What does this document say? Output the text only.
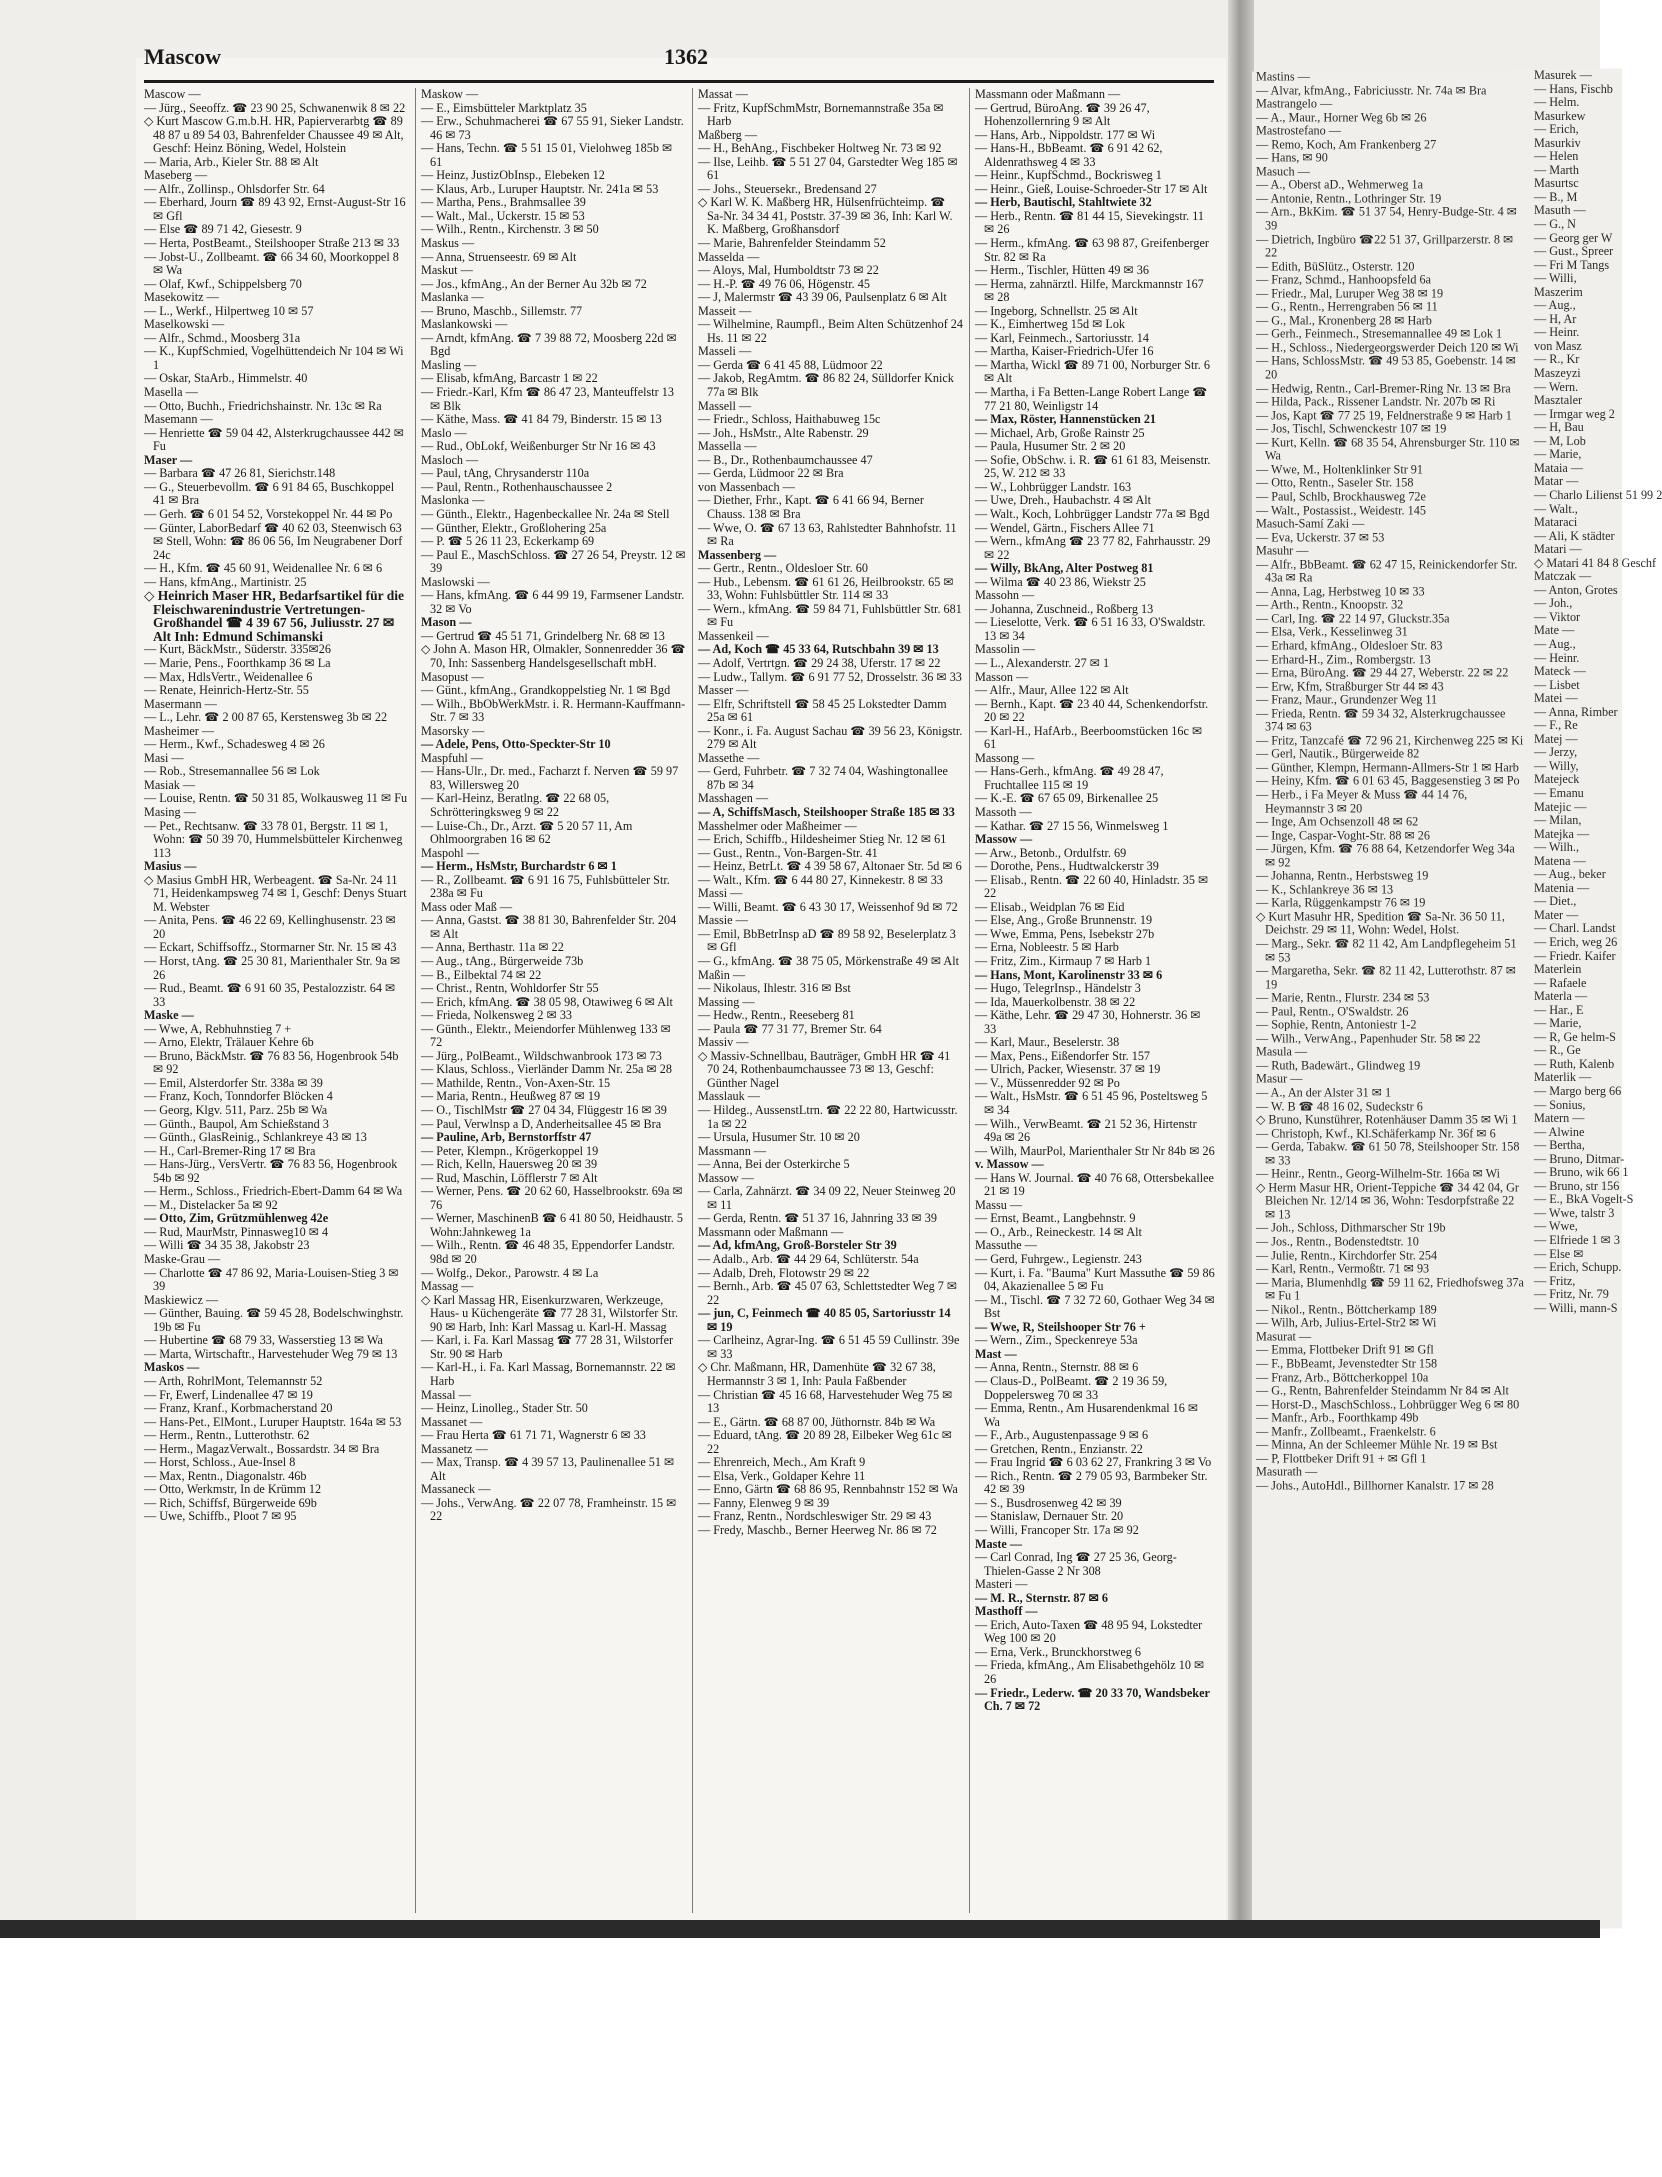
Mastins —
— Alvar, kfmAng., Fabriciusstr. Nr. 74a ✉ Bra
Mastrangelo —
— A., Maur., Horner Weg 6b ✉ 26
Mastrostefano —
— Remo, Koch, Am Frankenberg 27
— Hans, ✉ 90
Masuch —
— A., Oberst aD., Wehmerweg 1a
— Antonie, Rentn., Lothringer Str. 19
— Arn., BkKim. ☎ 51 37 54, Henry-Budge-Str. 4 ✉ 39
— Dietrich, Ingbüro ☎22 51 37, Grillparzerstr. 8 ✉ 22
— Edith, BüSlütz., Osterstr. 120
— Franz, Schmd., Hanhoopsfeld 6a
— Friedr., Mal, Luruper Weg 38 ✉ 19
— G., Rentn., Herrengraben 56 ✉ 11
— G., Mal., Kronenberg 28 ✉ Harb
— Gerh., Feinmech., Stresemannallee 49 ✉ Lok 1
— H., Schloss., Niedergeorgswerder Deich 120 ✉ Wi
— Hans, SchlossMstr. ☎ 49 53 85, Goebenstr. 14 ✉ 20
— Hedwig, Rentn., Carl-Bremer-Ring Nr. 13 ✉ Bra
— Hilda, Pack., Rissener Landstr. Nr. 207b ✉ Ri
— Jos, Kapt ☎ 77 25 19, Feldnerstraße 9 ✉ Harb 1
— Jos, Tischl, Schwenckestr 107 ✉ 19
— Kurt, Kelln. ☎ 68 35 54, Ahrensburger Str. 110 ✉ Wa
— Wwe, M., Holtenklinker Str 91
— Otto, Rentn., Saseler Str. 158
— Paul, Schlb, Brockhausweg 72e
— Walt., Postassist., Weidestr. 145
Masuch-Samí Zaki —
— Eva, Uckerstr. 37 ✉ 53
Masuhr —
— Alfr., BbBeamt. ☎ 62 47 15, Reinickendorfer Str. 43a ✉ Ra
— Anna, Lag, Herbstweg 10 ✉ 33
— Arth., Rentn., Knoopstr. 32
— Carl, Ing. ☎ 22 14 97, Gluckstr.35a
— Elsa, Verk., Kesselinweg 31
— Erhard, kfmAng., Oldesloer Str. 83
— Erhard-H., Zim., Rombergstr. 13
— Erna, BüroAng. ☎ 29 44 27, Weberstr. 22 ✉ 22
— Erw, Kfm, Straßburger Str 44 ✉ 43
— Franz, Maur., Grundenzer Weg 11
— Frieda, Rentn. ☎ 59 34 32, Alsterkrugchaussee 374 ✉ 63
— Fritz, Tanzcafé ☎ 72 96 21, Kirchenweg 225 ✉ Ki
— Gerl, Nautik., Bürgerweide 82
— Günther, Klempn, Hermann-Allmers-Str 1 ✉ Harb
— Heiny, Kfm. ☎ 6 01 63 45, Baggesenstieg 3 ✉ Po
— Herb., i Fa Meyer & Muss ☎ 44 14 76, Heymannstr 3 ✉ 20
— Inge, Am Ochsenzoll 48 ✉ 62
— Inge, Caspar-Voght-Str. 88 ✉ 26
— Jürgen, Kfm. ☎ 76 88 64, Ketzendorfer Weg 34a ✉ 92
— Johanna, Rentn., Herbstsweg 19
— K., Schlankreye 36 ✉ 13
— Karla, Rüggenkampstr 76 ✉ 19
◇ Kurt Masuhr HR, Spedition ☎ Sa-Nr. 36 50 11, Deichstr. 29 ✉ 11, Wohn: Wedel, Holst.
— Marg., Sekr. ☎ 82 11 42, Am Landpflegeheim 51 ✉ 53
— Margaretha, Sekr. ☎ 82 11 42, Lutterothstr. 87 ✉ 19
— Marie, Rentn., Flurstr. 234 ✉ 53
— Paul, Rentn., O'Swaldstr. 26
— Sophie, Rentn, Antoniestr 1-2
— Wilh., VerwAng., Papenhuder Str. 58 ✉ 22
Masula —
— Ruth, Badewärt., Glindweg 19
Masur —
— A., An der Alster 31 ✉ 1
— W. B ☎ 48 16 02, Sudeckstr 6
◇ Bruno, Kunstührer, Rotenhäuser Damm 35 ✉ Wi 1
— Christoph, Kwf., Kl.Schäferkamp Nr. 36f ✉ 6
— Gerda, Tabakw. ☎ 61 50 78, Steilshooper Str. 158 ✉ 33
— Heinr., Rentn., Georg-Wilhelm-Str. 166a ✉ Wi
◇ Herm Masur HR, Orient-Teppiche ☎ 34 42 04, Gr Bleichen Nr. 12/14 ✉ 36, Wohn: Tesdorpfstraße 22 ✉ 13
— Joh., Schloss, Dithmarscher Str 19b
— Jos., Rentn., Bodenstedtstr. 10
— Julie, Rentn., Kirchdorfer Str. 254
— Karl, Rentn., Vermoßtr. 71 ✉ 93
— Maria, Blumenhdlg ☎ 59 11 62, Friedhofsweg 37a ✉ Fu 1
— Nikol., Rentn., Böttcherkamp 189
— Wilh, Arb, Julius-Ertel-Str2 ✉ Wi
Masurat —
— Emma, Flottbeker Drift 91 ✉ Gfl
— F., BbBeamt, Jevenstedter Str 158
— Franz, Arb., Böttcherkoppel 10a
— G., Rentn, Bahrenfelder Steindamm Nr 84 ✉ Alt
— Horst-D., MaschSchloss., Lohbrügger Weg 6 ✉ 80
— Manfr., Arb., Foorthkamp 49b
— Manfr., Zollbeamt., Fraenkelstr. 6
— Minna, An der Schleemer Mühle Nr. 19 ✉ Bst
— P, Flottbeker Drift 91 + ✉ Gfl 1
Masurath —
— Johs., AutoHdl., Billhorner Kanalstr. 17 ✉ 28
Masurek —
— Hans, Fischb
— Helm.
Masurkew
— Erich,
Masurkiv
— Helen
— Marth
Masurtsc
— B., M
Masuth —
— G., N
— Georg ger W
— Gust., Spreer
— Fri M Tangs
— Willi,
Maszerim
— Aug.,
— H, Ar
— Heinr.
von Masz
— R., Kr
Maszeyzi
— Wern.
Masztaler
— Irmgar weg 2
— H, Bau
— M, Lob
— Marie,
Mataia —
Matar —
— Charlo Lilienst 51 99 2
— Walt.,
Mataraci
— Ali, K städter
Matari —
◇ Matari 41 84 8 Geschf
Matczak —
— Anton, Grotes
— Joh.,
— Viktor
Mate —
— Aug.,
— Heinr.
Mateck —
— Lisbet
Matei —
— Anna, Rimber
— F., Re
Matej —
— Jerzy,
— Willy,
Matejeck
— Emanu
Matejic —
— Milan,
Matejka —
— Wilh.,
Matena —
— Aug., beker
Matenia —
— Diet.,
Mater —
— Charl. Landst
— Erich, weg 26
— Friedr. Kaifer
Materlein
— Rafaele
Materla —
— Har., E
— Marie,
— R, Ge helm-S
— R., Ge
— Ruth, Kalenb
Materlik —
— Margo berg 66
— Sonius,
Matern —
— Alwine
— Bertha,
— Bruno, Ditmar-
— Bruno, wik 66 1
— Bruno, str 156
— E., BkA Vogelt-S
— Wwe, talstr 3
— Wwe,
— Elfriede 1 ✉ 3
— Else ✉
— Erich, Schupp.
— Fritz,
— Fritz, Nr. 79
— Willi, mann-S
Mascow	1362
Mascow —
— Jürg., Seeoffz. ☎ 23 90 25, Schwanenwik 8 ✉ 22
◇ Kurt Mascow G.m.b.H. HR, Papierverarbtg ☎ 89 48 87 u 89 54 03, Bahrenfelder Chaussee 49 ✉ Alt, Geschf: Heinz Böning, Wedel, Holstein
— Maria, Arb., Kieler Str. 88 ✉ Alt
Maseberg —
— Alfr., Zollinsp., Ohlsdorfer Str. 64
— Eberhard, Journ ☎ 89 43 92, Ernst-August-Str 16 ✉ Gfl
— Else ☎ 89 71 42, Giesestr. 9
— Herta, PostBeamt., Steilshooper Straße 213 ✉ 33
— Jobst-U., Zollbeamt. ☎ 66 34 60, Moorkoppel 8 ✉ Wa
— Olaf, Kwf., Schippelsberg 70
Masekowitz —
— L., Werkf., Hilpertweg 10 ✉ 57
Maselkowski —
— Alfr., Schmd., Moosberg 31a
— K., KupfSchmied, Vogelhüttendeich Nr 104 ✉ Wi 1
— Oskar, StaArb., Himmelstr. 40
Masella —
— Otto, Buchh., Friedrichshainstr. Nr. 13c ✉ Ra
Masemann —
— Henriette ☎ 59 04 42, Alsterkrugchaussee 442 ✉ Fu
Maser —
— Barbara ☎ 47 26 81, Sierichstr.148
— G., Steuerbevollm. ☎ 6 91 84 65, Buschkoppel 41 ✉ Bra
— Gerh. ☎ 6 01 54 52, Vorstekoppel Nr. 44 ✉ Po
— Günter, LaborBedarf ☎ 40 62 03, Steenwisch 63 ✉ Stell, Wohn: ☎ 86 06 56, Im Neugrabener Dorf 24c
— H., Kfm. ☎ 45 60 91, Weidenallee Nr. 6 ✉ 6
— Hans, kfmAng., Martinistr. 25
◇ Heinrich Maser HR, Bedarfsartikel für die Fleischwarenindustrie Vertretungen-Großhandel ☎ 4 39 67 56, Juliusstr. 27 ✉ Alt Inh: Edmund Schimanski
— Kurt, BäckMstr., Süderstr. 335✉26
— Marie, Pens., Foorthkamp 36 ✉ La
— Max, HdlsVertr., Weidenallee 6
— Renate, Heinrich-Hertz-Str. 55
Masermann —
— L., Lehr. ☎ 2 00 87 65, Kerstensweg 3b ✉ 22
Masheimer —
— Herm., Kwf., Schadesweg 4 ✉ 26
Masi —
— Rob., Stresemannallee 56 ✉ Lok
Masiak —
— Louise, Rentn. ☎ 50 31 85, Wolkausweg 11 ✉ Fu
Masing —
— Pet., Rechtsanw. ☎ 33 78 01, Bergstr. 11 ✉ 1, Wohn: ☎ 50 39 70, Hummelsbütteler Kirchenweg 113
Masius —
◇ Masius GmbH HR, Werbeagent. ☎ Sa-Nr. 24 11 71, Heidenkampsweg 74 ✉ 1, Geschf: Denys Stuart M. Webster
— Anita, Pens. ☎ 46 22 69, Kellinghusenstr. 23 ✉ 20
— Eckart, Schiffsoffz., Stormarner Str. Nr. 15 ✉ 43
— Horst, tAng. ☎ 25 30 81, Marienthaler Str. 9a ✉ 26
— Rud., Beamt. ☎ 6 91 60 35, Pestalozzistr. 64 ✉ 33
Maske —
— Wwe, A, Rebhuhnstieg 7 +
— Arno, Elektr, Trälauer Kehre 6b
— Bruno, BäckMstr. ☎ 76 83 56, Hogenbrook 54b ✉ 92
— Emil, Alsterdorfer Str. 338a ✉ 39
— Franz, Koch, Tonndorfer Blöcken 4
— Georg, Klgv. 511, Parz. 25b ✉ Wa
— Günth., Baupol, Am Schießstand 3
— Günth., GlasReinig., Schlankreye 43 ✉ 13
— H., Carl-Bremer-Ring 17 ✉ Bra
— Hans-Jürg., VersVertr. ☎ 76 83 56, Hogenbrook 54b ✉ 92
— Herm., Schloss., Friedrich-Ebert-Damm 64 ✉ Wa
— M., Distelacker 5a ✉ 92
— Otto, Zim, Grützmühlenweg 42e
— Rud, MaurMstr, Pinnasweg10 ✉ 4
— Willi ☎ 34 35 38, Jakobstr 23
Maske-Grau —
— Charlotte ☎ 47 86 92, Maria-Louisen-Stieg 3 ✉ 39
Maskiewicz —
— Günther, Bauing. ☎ 59 45 28, Bodelschwinghstr. 19b ✉ Fu
— Hubertine ☎ 68 79 33, Wasserstieg 13 ✉ Wa
— Marta, Wirtschaftr., Harvestehuder Weg 79 ✉ 13
Maskos —
— Arth, RohrlMont, Telemannstr 52
— Fr, Ewerf, Lindenallee 47 ✉ 19
— Franz, Kranf., Korbmacherstand 20
— Hans-Pet., ElMont., Luruper Hauptstr. 164a ✉ 53
— Herm., Rentn., Lutterothstr. 62
— Herm., MagazVerwalt., Bossardstr. 34 ✉ Bra
— Horst, Schloss., Aue-Insel 8
— Max, Rentn., Diagonalstr. 46b
— Otto, Werkmstr, In de Krümm 12
— Rich, Schiffsf, Bürgerweide 69b
— Uwe, Schiffb., Ploot 7 ✉ 95
Maskow —
— E., Eimsbütteler Marktplatz 35
— Erw., Schuhmacherei ☎ 67 55 91, Sieker Landstr. 46 ✉ 73
— Hans, Techn. ☎ 5 51 15 01, Vielohweg 185b ✉ 61
— Heinz, JustizObInsp., Elebeken 12
— Klaus, Arb., Luruper Hauptstr. Nr. 241a ✉ 53
— Martha, Pens., Brahmsallee 39
— Walt., Mal., Uckerstr. 15 ✉ 53
— Wilh., Rentn., Kirchenstr. 3 ✉ 50
Maskus —
— Anna, Struenseestr. 69 ✉ Alt
Maskut —
— Jos., kfmAng., An der Berner Au 32b ✉ 72
Maslanka —
— Bruno, Maschb., Sillemstr. 77
Maslankowski —
— Arndt, kfmAng. ☎ 7 39 88 72, Moosberg 22d ✉ Bgd
Masling —
— Elisab, kfmAng, Barcastr 1 ✉ 22
— Friedr.-Karl, Kfm ☎ 86 47 23, Manteuffelstr 13 ✉ Blk
— Käthe, Mass. ☎ 41 84 79, Binderstr. 15 ✉ 13
Maslo —
— Rud., ObLokf, Weißenburger Str Nr 16 ✉ 43
Masloch —
— Paul, tAng, Chrysanderstr 110a
— Paul, Rentn., Rothenhauschaussee 2
Maslonka —
— Günth., Elektr., Hagenbeckallee Nr. 24a ✉ Stell
— Günther, Elektr., Großlohering 25a
— P. ☎ 5 26 11 23, Eckerkamp 69
— Paul E., MaschSchloss. ☎ 27 26 54, Preystr. 12 ✉ 39
Maslowski —
— Hans, kfmAng. ☎ 6 44 99 19, Farmsener Landstr. 32 ✉ Vo
Mason —
— Gertrud ☎ 45 51 71, Grindelberg Nr. 68 ✉ 13
◇ John A. Mason HR, Olmakler, Sonnenredder 36 ☎ 70, Inh: Sassenberg Handelsgesellschaft mbH.
Masopust —
— Günt., kfmAng., Grandkoppelstieg Nr. 1 ✉ Bgd
— Wilh., BbObWerkMstr. i. R. Hermann-Kauffmann-Str. 7 ✉ 33
Masorsky —
— Adele, Pens, Otto-Speckter-Str 10
Maspfuhl —
— Hans-Ulr., Dr. med., Facharzt f. Nerven ☎ 59 97 83, Willersweg 20
— Karl-Heinz, Beratlng. ☎ 22 68 05, Schrötteringksweg 9 ✉ 22
— Luise-Ch., Dr., Arzt. ☎ 5 20 57 11, Am Ohlmoorgraben 16 ✉ 62
Maspohl —
— Herm., HsMstr, Burchardstr 6 ✉ 1
— R., Zollbeamt. ☎ 6 91 16 75, Fuhlsbütteler Str. 238a ✉ Fu
Mass oder Maß —
— Anna, Gastst. ☎ 38 81 30, Bahrenfelder Str. 204 ✉ Alt
— Anna, Berthastr. 11a ✉ 22
— Aug., tAng., Bürgerweide 73b
— B., Eilbektal 74 ✉ 22
— Christ., Rentn, Wohldorfer Str 55
— Erich, kfmAng. ☎ 38 05 98, Otawiweg 6 ✉ Alt
— Frieda, Nolkensweg 2 ✉ 33
— Günth., Elektr., Meiendorfer Mühlenweg 133 ✉ 72
— Jürg., PolBeamt., Wildschwanbrook 173 ✉ 73
— Klaus, Schloss., Vierländer Damm Nr. 25a ✉ 28
— Mathilde, Rentn., Von-Axen-Str. 15
— Maria, Rentn., Heußweg 87 ✉ 19
— O., TischlMstr ☎ 27 04 34, Flüggestr 16 ✉ 39
— Paul, Verwlnsp a D, Anderheitsallee 45 ✉ Bra
— Pauline, Arb, Bernstorffstr 47
— Peter, Klempn., Krögerkoppel 19
— Rich, Kelln, Hauersweg 20 ✉ 39
— Rud, Maschin, Löfflerstr 7 ✉ Alt
— Werner, Pens. ☎ 20 62 60, Hasselbrookstr. 69a ✉ 76
— Werner, MaschinenB ☎ 6 41 80 50, Heidhaustr. 5 Wohn:Jahnkeweg 1a
— Wilh., Rentn. ☎ 46 48 35, Eppendorfer Landstr. 98d ✉ 20
— Wolfg., Dekor., Parowstr. 4 ✉ La
Massag —
◇ Karl Massag HR, Eisenkurzwaren, Werkzeuge, Haus- u Küchengeräte ☎ 77 28 31, Wilstorfer Str. 90 ✉ Harb, Inh: Karl Massag u. Karl-H. Massag
— Karl, i. Fa. Karl Massag ☎ 77 28 31, Wilstorfer Str. 90 ✉ Harb
— Karl-H., i. Fa. Karl Massag, Bornemannstr. 22 ✉ Harb
Massal —
— Heinz, Linolleg., Stader Str. 50
Massanet —
— Frau Herta ☎ 61 71 71, Wagnerstr 6 ✉ 33
Massanetz —
— Max, Transp. ☎ 4 39 57 13, Paulinenallee 51 ✉ Alt
Massaneck —
— Johs., VerwAng. ☎ 22 07 78, Framheinstr. 15 ✉ 22
Massat —
— Fritz, KupfSchmMstr, Bornemannstraße 35a ✉ Harb
Maßberg —
— H., BehAng., Fischbeker Holtweg Nr. 73 ✉ 92
— Ilse, Leihb. ☎ 5 51 27 04, Garstedter Weg 185 ✉ 61
— Johs., Steuersekr., Bredensand 27
◇ Karl W. K. Maßberg HR, Hülsenfrüchteimp. ☎ Sa-Nr. 34 34 41, Poststr. 37-39 ✉ 36, Inh: Karl W. K. Maßberg, Großhansdorf
— Marie, Bahrenfelder Steindamm 52
Masselda —
— Aloys, Mal, Humboldtstr 73 ✉ 22
— H.-P. ☎ 49 76 06, Högenstr. 45
— J, Malermstr ☎ 43 39 06, Paulsenplatz 6 ✉ Alt
Masseit —
— Wilhelmine, Raumpfl., Beim Alten Schützenhof 24 Hs. 11 ✉ 22
Masseli —
— Gerda ☎ 6 41 45 88, Lüdmoor 22
— Jakob, RegAmtm. ☎ 86 82 24, Sülldorfer Knick 77a ✉ Blk
Massell —
— Friedr., Schloss, Haithabuweg 15c
— Joh., HsMstr., Alte Rabenstr. 29
Massella —
— B., Dr., Rothenbaumchaussee 47
— Gerda, Lüdmoor 22 ✉ Bra
von Massenbach —
— Diether, Frhr., Kapt. ☎ 6 41 66 94, Berner Chauss. 138 ✉ Bra
— Wwe, O. ☎ 67 13 63, Rahlstedter Bahnhofstr. 11 ✉ Ra
Massenberg —
— Gertr., Rentn., Oldesloer Str. 60
— Hub., Lebensm. ☎ 61 61 26, Heilbrookstr. 65 ✉ 33, Wohn: Fuhlsbüttler Str. 114 ✉ 33
— Wern., kfmAng. ☎ 59 84 71, Fuhlsbüttler Str. 681 ✉ Fu
Massenkeil —
— Ad, Koch ☎ 45 33 64, Rutschbahn 39 ✉ 13
— Adolf, Vertrtgn. ☎ 29 24 38, Uferstr. 17 ✉ 22
— Ludw., Tallym. ☎ 6 91 77 52, Drosselstr. 36 ✉ 33
Masser —
— Elfr, Schriftstell ☎ 58 45 25 Lokstedter Damm 25a ✉ 61
— Konr., i. Fa. August Sachau ☎ 39 56 23, Königstr. 279 ✉ Alt
Massethe —
— Gerd, Fuhrbetr. ☎ 7 32 74 04, Washingtonallee 87b ✉ 34
Masshagen —
— A, SchiffsMasch, Steilshooper Straße 185 ✉ 33
Masshelmer oder Maßheimer —
— Erich, Schiffb., Hildesheimer Stieg Nr. 12 ✉ 61
— Gust., Rentn., Von-Bargen-Str. 41
— Heinz, BetrLt. ☎ 4 39 58 67, Altonaer Str. 5d ✉ 6
— Walt., Kfm. ☎ 6 44 80 27, Kinnekestr. 8 ✉ 33
Massi —
— Willi, Beamt. ☎ 6 43 30 17, Weissenhof 9d ✉ 72
Massie —
— Emil, BbBetrInsp aD ☎ 89 58 92, Beselerplatz 3 ✉ Gfl
— G., kfmAng. ☎ 38 75 05, Mörkenstraße 49 ✉ Alt
Maßin —
— Nikolaus, Ihlestr. 316 ✉ Bst
Massing —
— Hedw., Rentn., Reeseberg 81
— Paula ☎ 77 31 77, Bremer Str. 64
Massiv —
◇ Massiv-Schnellbau, Bauträger, GmbH HR ☎ 41 70 24, Rothenbaumchaussee 73 ✉ 13, Geschf: Günther Nagel
Masslauk —
— Hildeg., AussenstLtrn. ☎ 22 22 80, Hartwicusstr. 1a ✉ 22
— Ursula, Husumer Str. 10 ✉ 20
Massmann —
— Anna, Bei der Osterkirche 5
Massow —
— Carla, Zahnärzt. ☎ 34 09 22, Neuer Steinweg 20 ✉ 11
— Gerda, Rentn. ☎ 51 37 16, Jahnring 33 ✉ 39
Massmann oder Maßmann —
— Ad, kfmAng, Groß-Borsteler Str 39
— Adalb., Arb. ☎ 44 29 64, Schlüterstr. 54a
— Adalb, Dreh, Flotowstr 29 ✉ 22
— Bernh., Arb. ☎ 45 07 63, Schlettstedter Weg 7 ✉ 22
— jun, C, Feinmech ☎ 40 85 05, Sartoriusstr 14 ✉ 19
— Carlheinz, Agrar-Ing. ☎ 6 51 45 59 Cullinstr. 39e ✉ 33
◇ Chr. Maßmann, HR, Damenhüte ☎ 32 67 38, Hermannstr 3 ✉ 1, Inh: Paula Faßbender
— Christian ☎ 45 16 68, Harvestehuder Weg 75 ✉ 13
— E., Gärtn. ☎ 68 87 00, Jüthornstr. 84b ✉ Wa
— Eduard, tAng. ☎ 20 89 28, Eilbeker Weg 61c ✉ 22
— Ehrenreich, Mech., Am Kraft 9
— Elsa, Verk., Goldaper Kehre 11
— Enno, Gärtn ☎ 68 86 95, Rennbahnstr 152 ✉ Wa
— Fanny, Elenweg 9 ✉ 39
— Franz, Rentn., Nordschleswiger Str. 29 ✉ 43
— Fredy, Maschb., Berner Heerweg Nr. 86 ✉ 72
Massmann oder Maßmann —
— Gertrud, BüroAng. ☎ 39 26 47, Hohenzollernring 9 ✉ Alt
— Hans, Arb., Nippoldstr. 177 ✉ Wi
— Hans-H., BbBeamt. ☎ 6 91 42 62, Aldenrathsweg 4 ✉ 33
— Heinr., KupfSchmd., Bockrisweg 1
— Heinr., Gieß, Louise-Schroeder-Str 17 ✉ Alt
— Herb, Bautischl, Stahltwiete 32
— Herb., Rentn. ☎ 81 44 15, Sievekingstr. 11 ✉ 26
— Herm., kfmAng. ☎ 63 98 87, Greifenberger Str. 82 ✉ Ra
— Herm., Tischler, Hütten 49 ✉ 36
— Herma, zahnärztl. Hilfe, Marckmannstr 167 ✉ 28
— Ingeborg, Schnellstr. 25 ✉ Alt
— K., Eimhertweg 15d ✉ Lok
— Karl, Feinmech., Sartoriusstr. 14
— Martha, Kaiser-Friedrich-Ufer 16
— Martha, Wickl ☎ 89 71 00, Norburger Str. 6 ✉ Alt
— Martha, i Fa Betten-Lange Robert Lange ☎ 77 21 80, Weinligstr 14
— Max, Röster, Hannenstücken 21
— Michael, Arb, Große Rainstr 25
— Paula, Husumer Str. 2 ✉ 20
— Sofie, ObSchw. i. R. ☎ 61 61 83, Meisenstr. 25, W. 212 ✉ 33
— W., Lohbrügger Landstr. 163
— Uwe, Dreh., Haubachstr. 4 ✉ Alt
— Walt., Koch, Lohbrügger Landstr 77a ✉ Bgd
— Wendel, Gärtn., Fischers Allee 71
— Wern., kfmAng ☎ 23 77 82, Fahrhausstr. 29 ✉ 22
— Willy, BkAng, Alter Postweg 81
— Wilma ☎ 40 23 86, Wiekstr 25
Massohn —
— Johanna, Zuschneid., Roßberg 13
— Lieselotte, Verk. ☎ 6 51 16 33, O'Swaldstr. 13 ✉ 34
Massolin —
— L., Alexanderstr. 27 ✉ 1
Masson —
— Alfr., Maur, Allee 122 ✉ Alt
— Bernh., Kapt. ☎ 23 40 44, Schenkendorfstr. 20 ✉ 22
— Karl-H., HafArb., Beerboomstücken 16c ✉ 61
Massong —
— Hans-Gerh., kfmAng. ☎ 49 28 47, Fruchtallee 115 ✉ 19
— K.-E. ☎ 67 65 09, Birkenallee 25
Massoth —
— Kathar. ☎ 27 15 56, Winmelsweg 1
Massow —
— Arw., Betonb., Ordulfstr. 69
— Dorothe, Pens., Hudtwalckerstr 39
— Elisab., Rentn. ☎ 22 60 40, Hinladstr. 35 ✉ 22
— Elisab., Weidplan 76 ✉ Eid
— Else, Ang., Große Brunnenstr. 19
— Wwe, Emma, Pens, Isebekstr 27b
— Erna, Nobleestr. 5 ✉ Harb
— Fritz, Zim., Kirmaup 7 ✉ Harb 1
— Hans, Mont, Karolinenstr 33 ✉ 6
— Hugo, TelegrInsp., Händelstr 3
— Ida, Mauerkolbenstr. 38 ✉ 22
— Käthe, Lehr. ☎ 29 47 30, Hohnerstr. 36 ✉ 33
— Karl, Maur., Beselerstr. 38
— Max, Pens., Eißendorfer Str. 157
— Ulrich, Packer, Wiesenstr. 37 ✉ 19
— V., Müssenredder 92 ✉ Po
— Walt., HsMstr. ☎ 6 51 45 96, Posteltsweg 5 ✉ 34
— Wilh., VerwBeamt. ☎ 21 52 36, Hirtenstr 49a ✉ 26
— Wilh, MaurPol, Marienthaler Str Nr 84b ✉ 26
v. Massow —
— Hans W. Journal. ☎ 40 76 68, Ottersbekallee 21 ✉ 19
Massu —
— Ernst, Beamt., Langbehnstr. 9
— O., Arb., Reineckestr. 14 ✉ Alt
Massuthe —
— Gerd, Fuhrgew., Legienstr. 243
— Kurt, i. Fa. "Bauma" Kurt Massuthe ☎ 59 86 04, Akazienallee 5 ✉ Fu
— M., Tischl. ☎ 7 32 72 60, Gothaer Weg 34 ✉ Bst
— Wwe, R, Steilshooper Str 76 +
— Wern., Zim., Speckenreye 53a
Mast —
— Anna, Rentn., Sternstr. 88 ✉ 6
— Claus-D., PolBeamt. ☎ 2 19 36 59, Doppelersweg 70 ✉ 33
— Emma, Rentn., Am Husarendenkmal 16 ✉ Wa
— F., Arb., Augustenpassage 9 ✉ 6
— Gretchen, Rentn., Enzianstr. 22
— Frau Ingrid ☎ 6 03 62 27, Frankring 3 ✉ Vo
— Rich., Rentn. ☎ 2 79 05 93, Barmbeker Str. 42 ✉ 39
— S., Busdrosenweg 42 ✉ 39
— Stanislaw, Dernauer Str. 20
— Willi, Francoper Str. 17a ✉ 92
Maste —
— Carl Conrad, Ing ☎ 27 25 36, Georg-Thielen-Gasse 2 Nr 308
Masteri —
— M. R., Sternstr. 87 ✉ 6
Masthoff —
— Erich, Auto-Taxen ☎ 48 95 94, Lokstedter Weg 100 ✉ 20
— Erna, Verk., Brunckhorstweg 6
— Frieda, kfmAng., Am Elisabethgehölz 10 ✉ 26
— Friedr., Lederw. ☎ 20 33 70, Wandsbeker Ch. 7 ✉ 72
